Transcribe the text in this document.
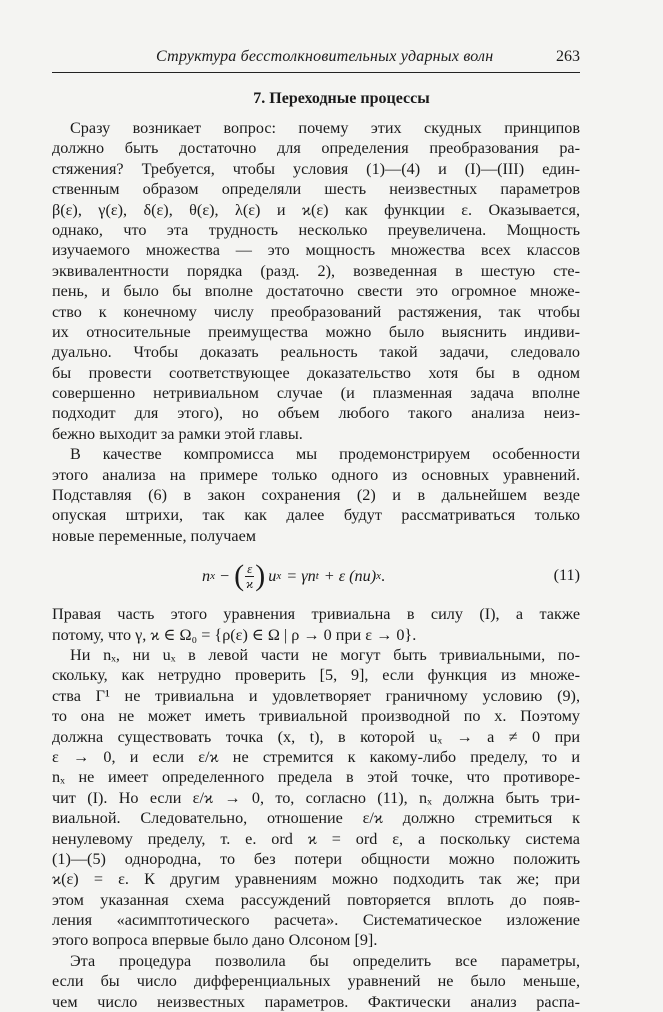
Структура бесстолкновительных ударных волн	263
7. Переходные процессы
Сразу возникает вопрос: почему этих скудных принципов
должно быть достаточно для определения преобразования ра-
стяжения? Требуется, чтобы условия (1)—(4) и (I)—(III) един-
ственным образом определяли шесть неизвестных параметров
β(ε), γ(ε), δ(ε), θ(ε), λ(ε) и ϰ(ε) как функции ε. Оказывается,
однако, что эта трудность несколько преувеличена. Мощность
изучаемого множества — это мощность множества всех классов
эквивалентности порядка (разд. 2), возведенная в шестую сте-
пень, и было бы вполне достаточно свести это огромное множе-
ство к конечному числу преобразований растяжения, так чтобы
их относительные преимущества можно было выяснить индиви-
дуально. Чтобы доказать реальность такой задачи, следовало
бы провести соответствующее доказательство хотя бы в одном
совершенно нетривиальном случае (и плазменная задача вполне
подходит для этого), но объем любого такого анализа неиз-
бежно выходит за рамки этой главы.
В качестве компромисса мы продемонстрируем особенности
этого анализа на примере только одного из основных уравнений.
Подставляя (6) в закон сохранения (2) и в дальнейшем везде
опуская штрихи, так как далее будут рассматриваться только
новые переменные, получаем
n x − ( $\frac{\varepsilon}{ϰ}$ ) u x = γn t + ε (nu) x .	(11)
Правая часть этого уравнения тривиальна в силу (I), а также
потому, что γ, ϰ ∈ Ω₀ = {ρ(ε) ∈ Ω | ρ → 0 при ε → 0}.
Ни nₓ, ни uₓ в левой части не могут быть тривиальными, по-
скольку, как нетрудно проверить [5, 9], если функция из множе-
ства Γ¹ не тривиальна и удовлетворяет граничному условию (9),
то она не может иметь тривиальной производной по x. Поэтому
должна существовать точка (x, t), в которой uₓ → a ≠ 0 при
ε → 0, и если ε/ϰ не стремится к какому-либо пределу, то и
nₓ не имеет определенного предела в этой точке, что противоре-
чит (I). Но если ε/ϰ → 0, то, согласно (11), nₓ должна быть три-
виальной. Следовательно, отношение ε/ϰ должно стремиться к
ненулевому пределу, т. е. ord ϰ = ord ε, а поскольку система
(1)—(5) однородна, то без потери общности можно положить
ϰ(ε) = ε. К другим уравнениям можно подходить так же; при
этом указанная схема рассуждений повторяется вплоть до появ-
ления «асимптотического расчета». Систематическое изложение
этого вопроса впервые было дано Олсоном [9].
Эта процедура позволила бы определить все параметры,
если бы число дифференциальных уравнений не было меньше,
чем число неизвестных параметров. Фактически анализ распа-
